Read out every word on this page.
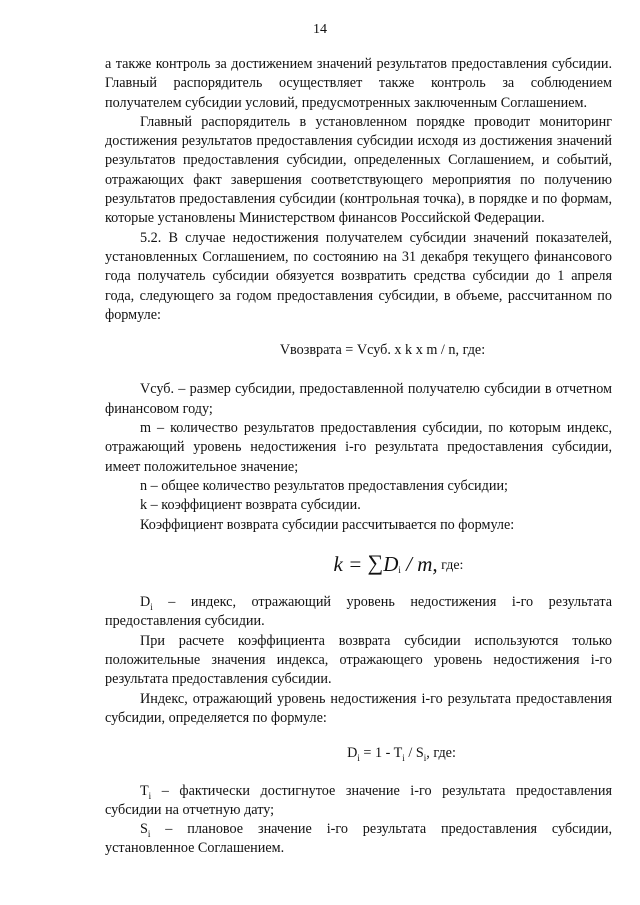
14

а также контроль за достижением значений результатов предоставления субсидии. Главный распорядитель осуществляет также контроль за соблюдением получателем субсидии условий, предусмотренных заключенным Соглашением.

Главный распорядитель в установленном порядке проводит мониторинг достижения результатов предоставления субсидии исходя из достижения значений результатов предоставления субсидии, определенных Соглашением, и событий, отражающих факт завершения соответствующего мероприятия по получению результатов предоставления субсидии (контрольная точка), в порядке и по формам, которые установлены Министерством финансов Российской Федерации.

5.2. В случае недостижения получателем субсидии значений показателей, установленных Соглашением, по состоянию на 31 декабря текущего финансового года получатель субсидии обязуется возвратить средства субсидии до 1 апреля года, следующего за годом предоставления субсидии, в объеме, рассчитанном по формуле:

Vвозврата = Vсуб. x k x m / n, где:

Vсуб. – размер субсидии, предоставленной получателю субсидии в отчетном финансовом году;

m – количество результатов предоставления субсидии, по которым индекс, отражающий уровень недостижения i-го результата предоставления субсидии, имеет положительное значение;

n – общее количество результатов предоставления субсидии;

k – коэффициент возврата субсидии.

Коэффициент возврата субсидии рассчитывается по формуле:

$k = \sum D_i / m$, где:

$D_i$ – индекс, отражающий уровень недостижения i-го результата предоставления субсидии.

При расчете коэффициента возврата субсидии используются только положительные значения индекса, отражающего уровень недостижения i-го результата предоставления субсидии.

Индекс, отражающий уровень недостижения i-го результата предоставления субсидии, определяется по формуле:

$D_i = 1 - T_i / S_i$, где:

$T_i$ – фактически достигнутое значение i-го результата предоставления субсидии на отчетную дату;

$S_i$ – плановое значение i-го результата предоставления субсидии, установленное Соглашением.
